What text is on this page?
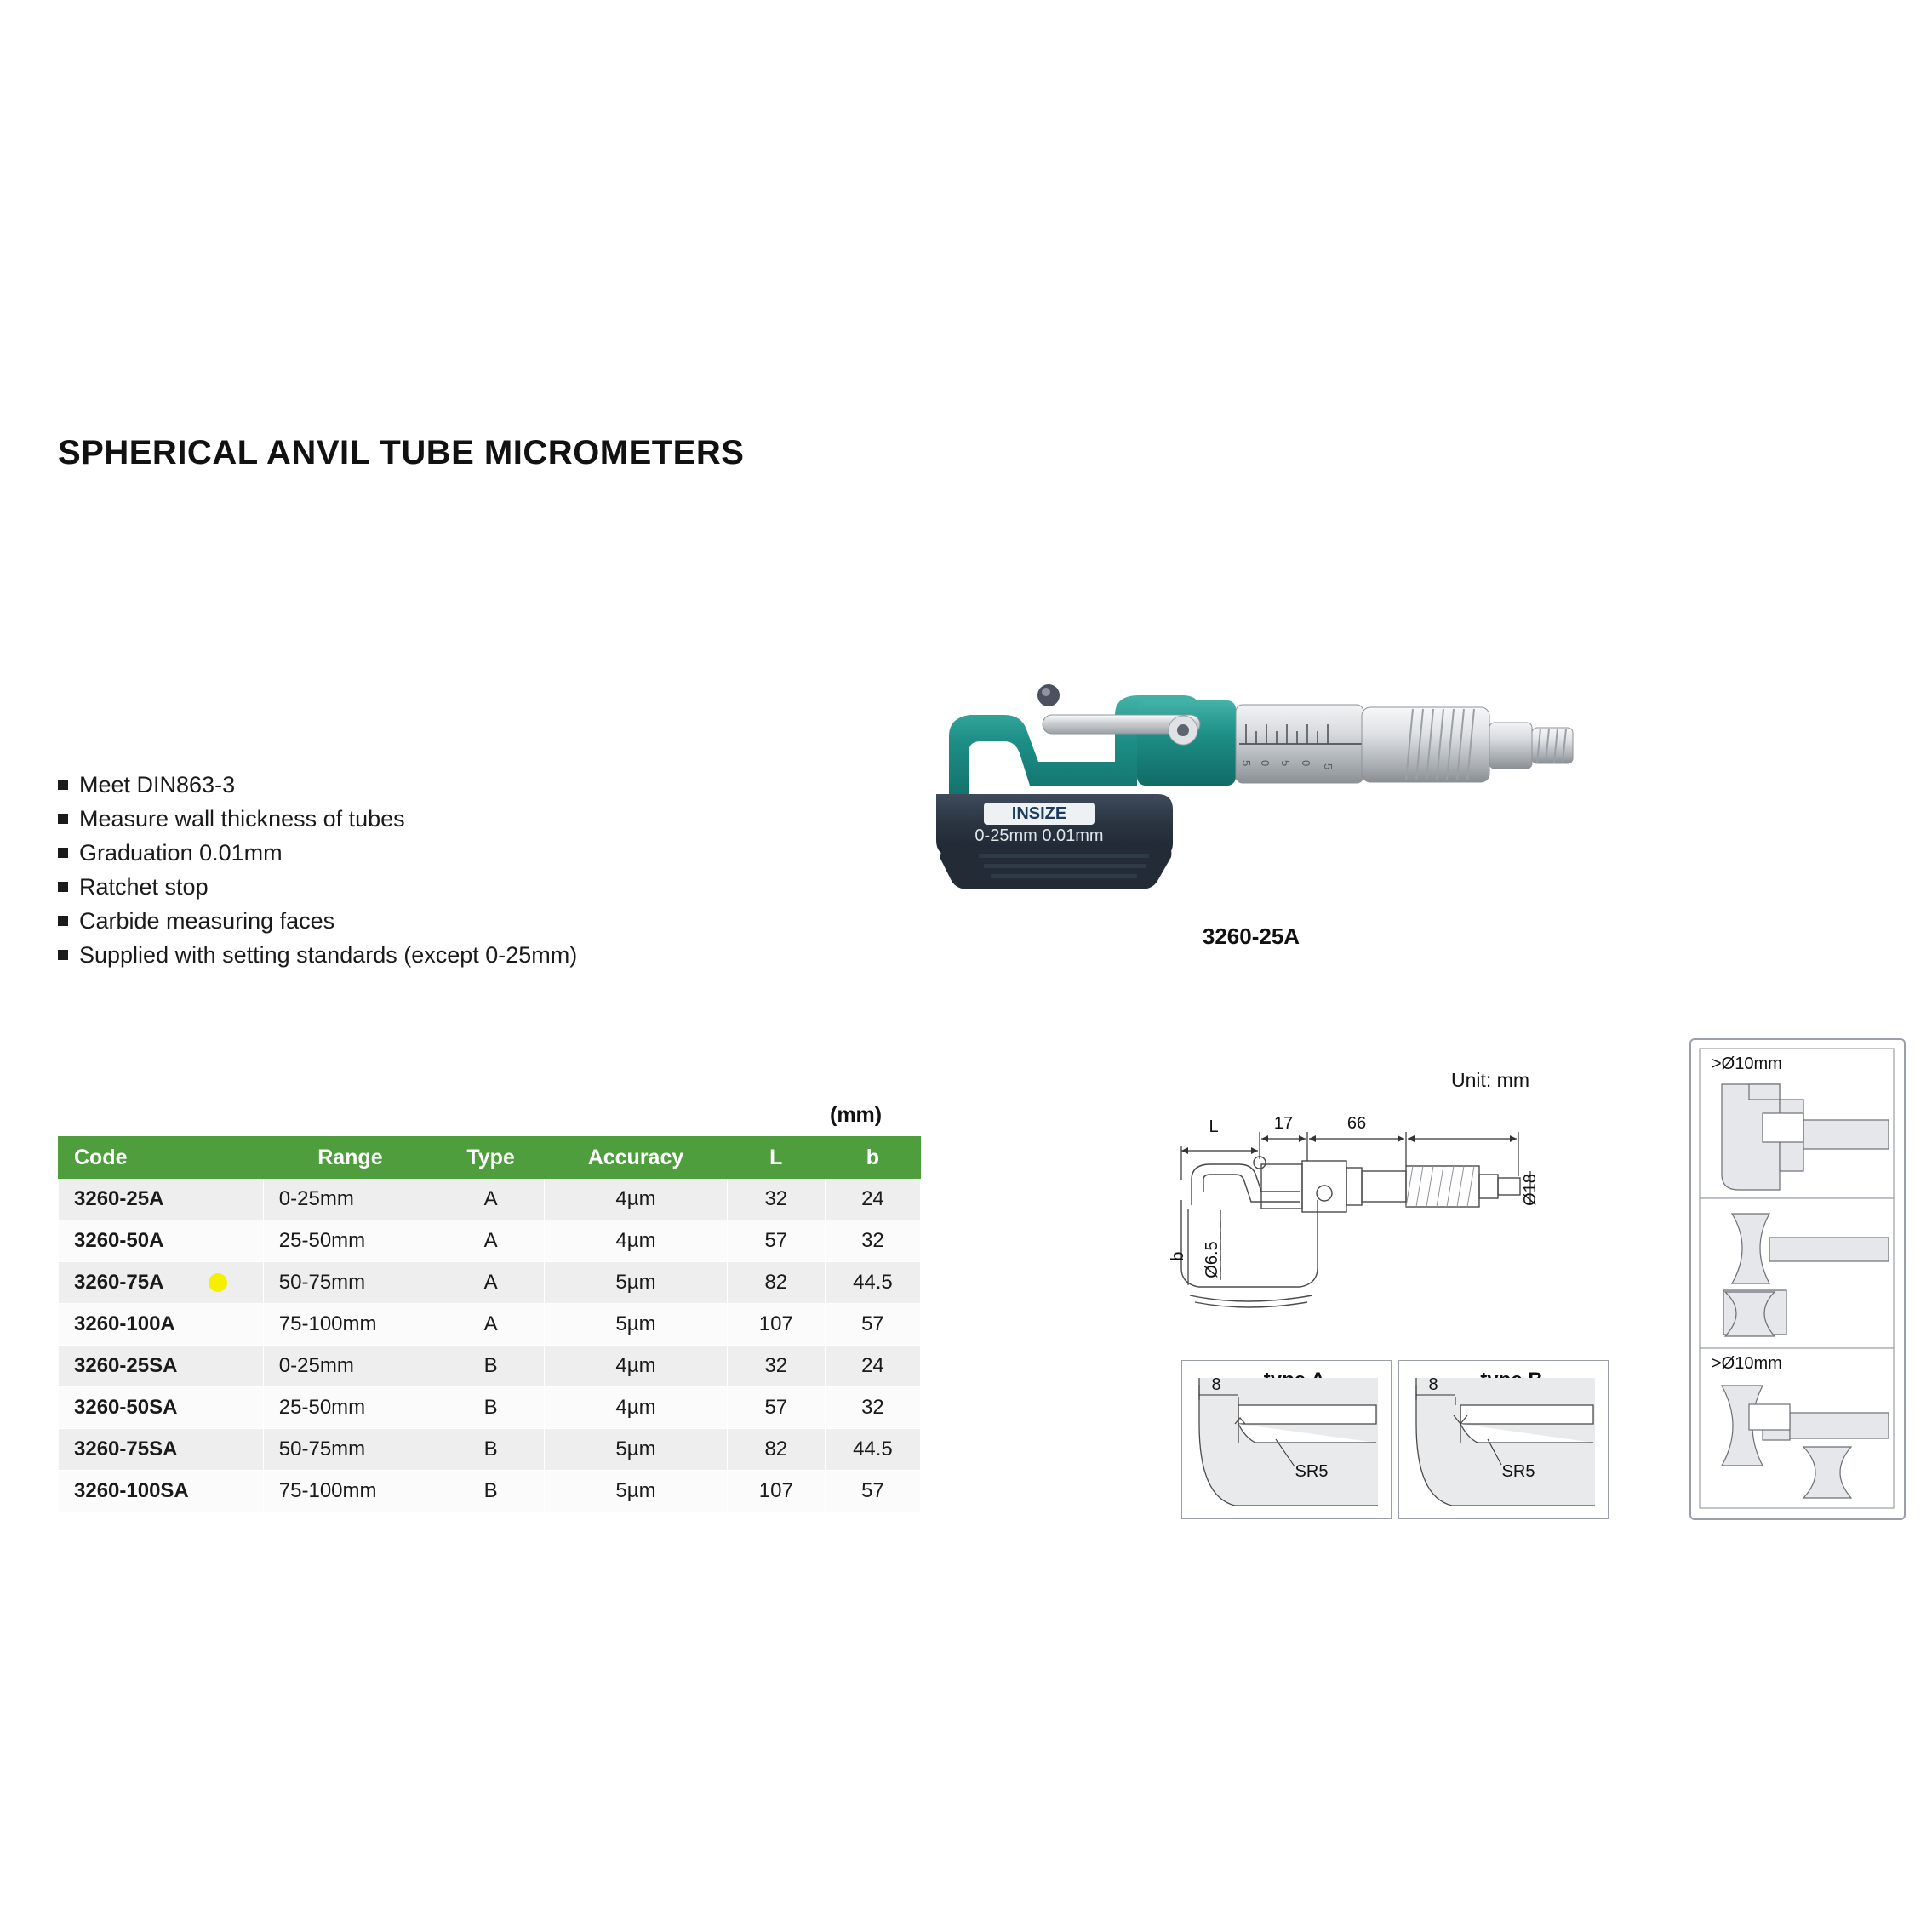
SPHERICAL ANVIL TUBE MICROMETERS
Meet DIN863-3
Measure wall thickness of tubes
Graduation 0.01mm
Ratchet stop
Carbide measuring faces
Supplied with setting standards (except 0-25mm)
INSIZE
0-25mm 0.01mm
5 0 5 0
5
3260-25A
(mm)
Code	Range	Type	Accuracy	L	b
3260-25A	0-25mm	A	4µm	32	24
3260-50A	25-50mm	A	4µm	57	32
3260-75A	50-75mm	A	5µm	82	44.5
3260-100A	75-100mm	A	5µm	107	57
3260-25SA	0-25mm	B	4µm	32	24
3260-50SA	25-50mm	B	4µm	57	32
3260-75SA	50-75mm	B	5µm	82	44.5
3260-100SA	75-100mm	B	5µm	107	57
Unit: mm
L	17	66
b Ø6.5
Ø18
8
SR5
8
SR5
>Ø10mm
>Ø10mm
